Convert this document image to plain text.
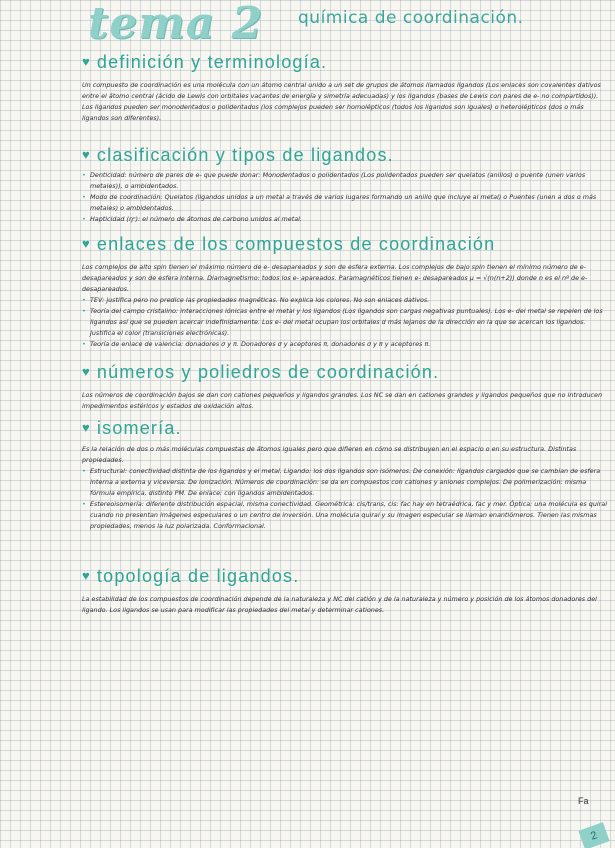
tema 2 química de coordinación.
♥ definición y terminología.

Un compuesto de coordinación es una molécula con un átomo central unido a un set de grupos de átomos llamados ligandos (Los enlaces son covalentes dativos entre el átomo central (ácido de Lewis con orbitales vacantes de energía y simetría adecuadas) y los ligandos (bases de Lewis con pares de e- no compartidos)). Los ligandos pueden ser monodentados o polidentados (los complejos pueden ser homolépticos (todos los ligandos son iguales) o heterolépticos (dos o más ligandos son diferentes).

♥ clasificación y tipos de ligandos.

• Denticidad: número de pares de e- que puede donar: Monodentados o polidentados (Los polidentados pueden ser quelatos (anillos) o puente (unen varios metales)), o ambidentados.

• Modo de coordinación: Quelatos (ligandos unidos a un metal a través de varios lugares formando un anillo que incluye al metal) o Puentes (unen a dos o más metales) o ambidentados.

• Hapticidad (ηⁿ): el número de átomos de carbono unidos al metal.

♥ enlaces de los compuestos de coordinación

Los complejos de alto spin tienen el máximo número de e- desapareados y son de esfera externa. Los complejos de bajo spin tienen el mínimo número de e- desapareados y son de esfera interna. Diamagnetismo: todos los e- apareados. Paramagnéticos tienen e- desapareados μ = √(n(n+2)) donde n es el nº de e- desapareados.

• TEV: justifica pero no predice las propiedades magnéticas. No explica los colores. No son enlaces dativos.

• Teoría del campo cristalino: interacciones iónicas entre el metal y los ligandos (Los ligandos son cargas negativas puntuales). Los e- del metal se repelen de los ligandos así que se pueden acercar indefinidamente. Los e- del metal ocupan los orbitales d más lejanos de la dirección en la que se acercan los ligandos. Justifica el color (transiciones electrónicas).

• Teoría de enlace de valencia: donadores σ y π. Donadores σ y aceptores π, donadores σ y π y aceptores π.

♥ números y poliedros de coordinación.

Los números de coordinación bajos se dan con cationes pequeños y ligandos grandes. Los NC se dan en cationes grandes y ligandos pequeños que no introducen impedimentos estéricos y estados de oxidación altos.

♥ isomería.

Es la relación de dos o más moléculas compuestas de átomos iguales pero que difieren en cómo se distribuyen en el espacio o en su estructura. Distintas propiedades.

• Estructural: conectividad distinta de los ligandos y el metal. Ligando: los dos ligandos son isómeros. De conexión: ligandos cargados que se cambian de esfera interna a externa y viceversa. De ionización. Números de coordinación: se da en compuestos con cationes y aniones complejos. De polimerización: misma fórmula empírica, distinto PM. De enlace: con ligandos ambidentados.

• Estereoisomería: diferente distribución espacial, misma conectividad. Geométrica: cis/trans, cis: fac hay en tetraédrica, fac y mer. Óptica: una molécula es quiral cuando no presentan imágenes especulares o un centro de inversión. Una molécula quiral y su imagen especular se llaman enantiómeros. Tienen las mismas propiedades, menos la luz polarizada. Conformacional.

♥ topología de ligandos.

La estabilidad de los compuestos de coordinación depende de la naturaleza y NC del catión y de la naturaleza y número y posición de los átomos donadores del ligando. Los ligandos se usan para modificar las propiedades del metal y determinar cationes.

Fa
2
